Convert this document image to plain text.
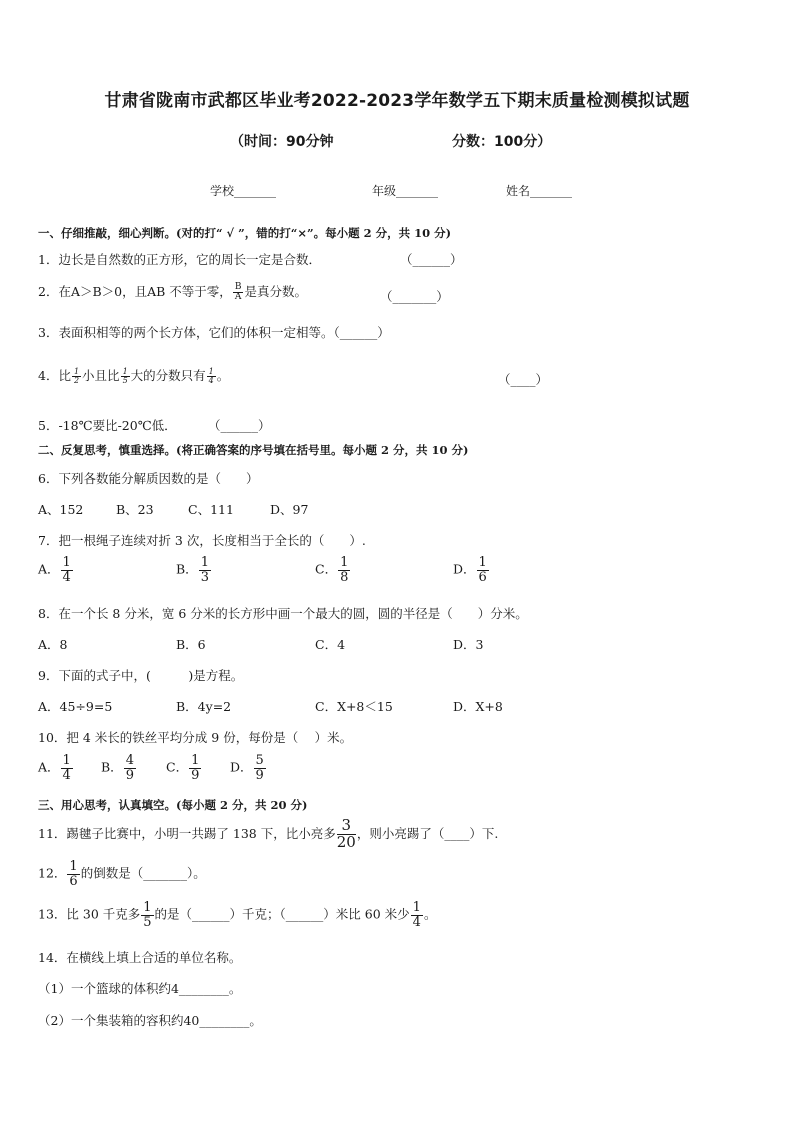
甘肃省陇南市武都区毕业考2022-2023学年数学五下期末质量检测模拟试题
（时间：90分钟	分数：100分）
学校_______	年级_______	姓名_______
一、仔细推敲，细心判断。(对的打“ √ ”，错的打“×”。每小题 2 分，共 10 分)
1．边长是自然数的正方形，它的周长一定是合数．	（______）
2．在A＞B＞0，且AB 不等于零， $\frac{B}{A}$ 是真分数。	（_______）
3．表面积相等的两个长方体，它们的体积一定相等。（______）
4．比 $\frac{1}{2}$ 小且比 $\frac{1}{5}$ 大的分数只有 $\frac{1}{4}$ 。	（____）
5．-18℃要比-20℃低．	（______）
二、反复思考，慎重选择。(将正确答案的序号填在括号里。每小题 2 分，共 10 分)
6．下列各数能分解质因数的是（　　）
A、152	B、23	C、111	D、97
7．把一根绳子连续对折 3 次，长度相当于全长的（　　）.
A． $\frac{1}{4}$	B． $\frac{1}{3}$	C． $\frac{1}{8}$	D． $\frac{1}{6}$
8．在一个长 8 分米，宽 6 分米的长方形中画一个最大的圆，圆的半径是（　　）分米。
A．8	B．6	C．4	D．3
9．下面的式子中，(　　　)是方程。
A．45÷9=5	B．4y=2	C．X+8＜15	D．X+8
10．把 4 米长的铁丝平均分成 9 份，每份是（　 ）米。
A． $\frac{1}{4}$ B． $\frac{4}{9}$ C． $\frac{1}{9}$ D． $\frac{5}{9}$
三、用心思考，认真填空。(每小题 2 分，共 20 分)
11．踢毽子比赛中，小明一共踢了 138 下，比小亮多 $\frac{3}{20}$ ，则小亮踢了（____）下.
12． $\frac{1}{6}$ 的倒数是（_______）。
13．比 30 千克多 $\frac{1}{5}$ 的是（______）千克；（______）米比 60 米少 $\frac{1}{4}$ 。
14．在横线上填上合适的单位名称。
（1）一个篮球的体积约4________。
（2）一个集装箱的容积约40________。
